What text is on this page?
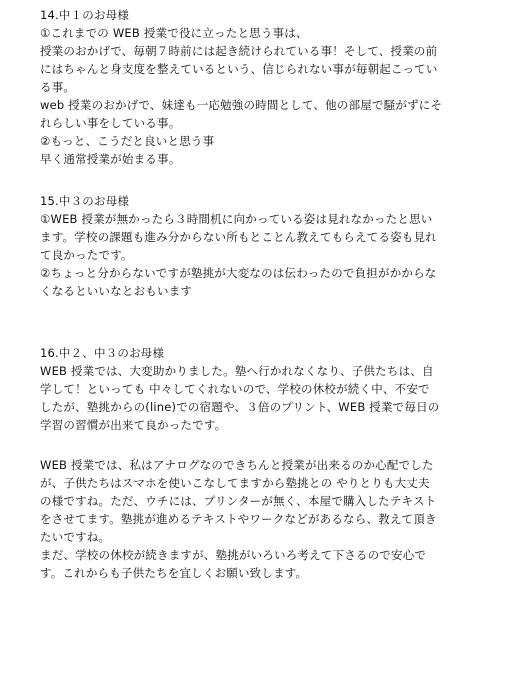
14.中１のお母様
①これまでの WEB 授業で役に立ったと思う事は、
授業のおかげで、毎朝７時前には起き続けられている事！そして、授業の前
にはちゃんと身支度を整えているという、信じられない事が毎朝起こってい
る事。
web 授業のおかげで、妹達も一応勉強の時間として、他の部屋で騒がずにそ
れらしい事をしている事。
②もっと、こうだと良いと思う事
早く通常授業が始まる事。
15.中３のお母様
①WEB 授業が無かったら３時間机に向かっている姿は見れなかったと思い
ます。学校の課題も進み分からない所もとことん教えてもらえてる姿も見れ
て良かったです。
②ちょっと分からないですが塾挑が大変なのは伝わったので負担がかからな
くなるといいなとおもいます
16.中２、中３のお母様
WEB 授業では、大変助かりました。塾へ行かれなくなり、子供たちは、自
学して！といっても 中々してくれないので、学校の休校が続く中、不安で
したが、塾挑からの(line)での宿題や、３倍のプリント、WEB 授業で毎日の
学習の習慣が出来て良かったです。
WEB 授業では、私はアナログなのできちんと授業が出来るのか心配でした
が、子供たちはスマホを使いこなしてますから塾挑との やりとりも大丈夫
の様ですね。ただ、ウチには、プリンターが無く、本屋で購入したテキスト
をさせてます。塾挑が進めるテキストやワークなどがあるなら、教えて頂き
たいですね。
まだ、学校の休校が続きますが、塾挑がいろいろ考えて下さるので安心で
す。これからも子供たちを宜しくお願い致します。
